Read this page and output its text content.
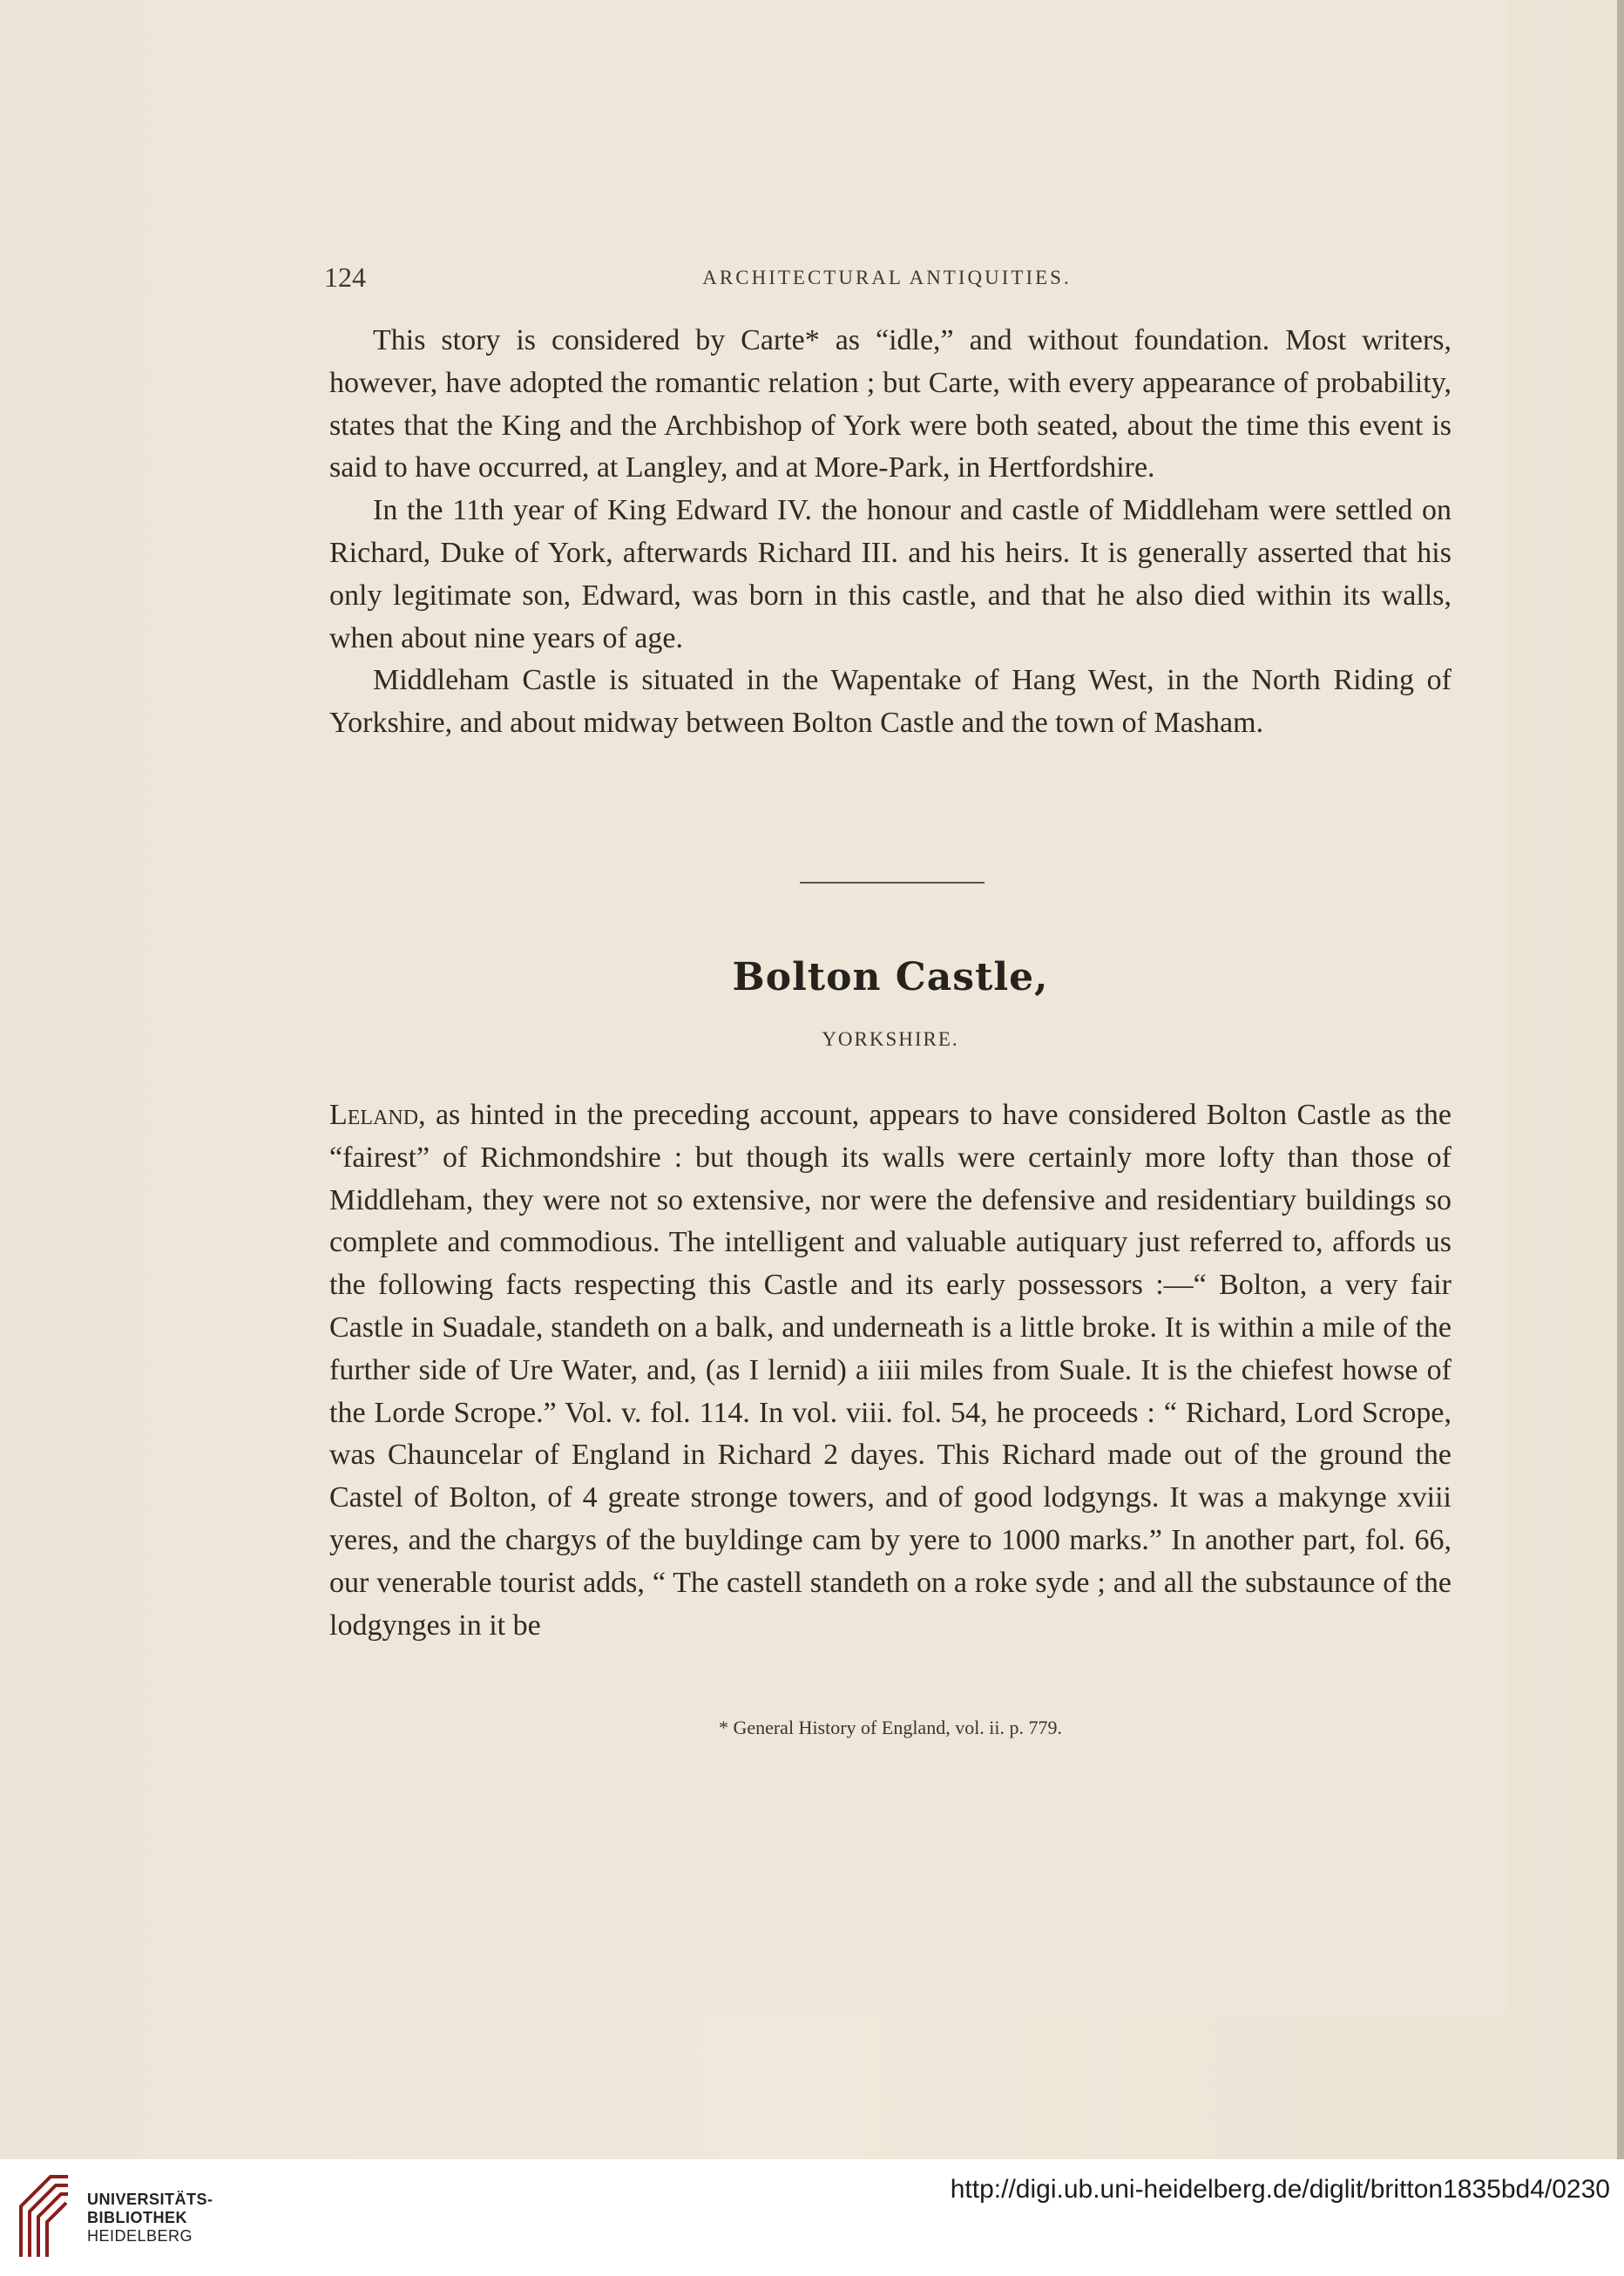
124	ARCHITECTURAL ANTIQUITIES.

This story is considered by Carte* as “idle,” and without foundation. Most writers, however, have adopted the romantic relation ; but Carte, with every appearance of probability, states that the King and the Archbishop of York were both seated, about the time this event is said to have occurred, at Langley, and at More-Park, in Hertfordshire.

In the 11th year of King Edward IV. the honour and castle of Middleham were settled on Richard, Duke of York, afterwards Richard III. and his heirs. It is generally asserted that his only legitimate son, Edward, was born in this castle, and that he also died within its walls, when about nine years of age.

Middleham Castle is situated in the Wapentake of Hang West, in the North Riding of Yorkshire, and about midway between Bolton Castle and the town of Masham.

Bolton Castle,
YORKSHIRE.

Leland, as hinted in the preceding account, appears to have considered Bolton Castle as the “fairest” of Richmondshire : but though its walls were certainly more lofty than those of Middleham, they were not so extensive, nor were the defensive and residentiary buildings so complete and commodious. The intelligent and valuable autiquary just referred to, affords us the following facts respecting this Castle and its early possessors :—“ Bolton, a very fair Castle in Suadale, standeth on a balk, and underneath is a little broke. It is within a mile of the further side of Ure Water, and, (as I lernid) a iiii miles from Suale. It is the chiefest howse of the Lorde Scrope.” Vol. v. fol. 114. In vol. viii. fol. 54, he proceeds : “ Richard, Lord Scrope, was Chauncelar of England in Richard 2 dayes. This Richard made out of the ground the Castel of Bolton, of 4 greate stronge towers, and of good lodgyngs. It was a makynge xviii yeres, and the chargys of the buyldinge cam by yere to 1000 marks.” In another part, fol. 66, our venerable tourist adds, “ The castell standeth on a roke syde ; and all the substaunce of the lodgynges in it be

* General History of England, vol. ii. p. 779.
UNIVERSITÄTS-
BIBLIOTHEK
HEIDELBERG
http://digi.ub.uni-heidelberg.de/diglit/britton1835bd4/0230
